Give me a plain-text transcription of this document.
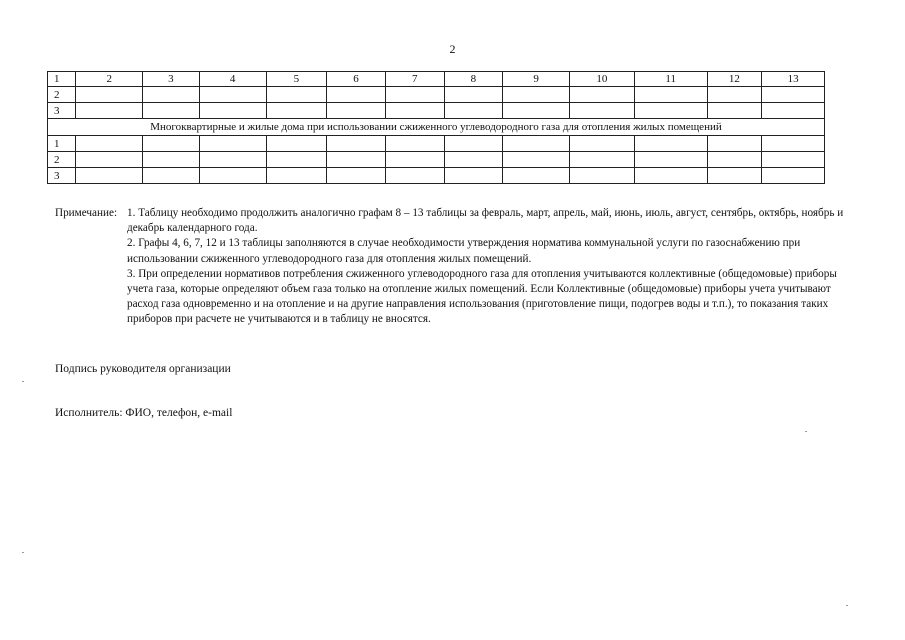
2
1	2	3	4	5	6	7	8	9	10	11	12	13
2												
3												
Многоквартирные и жилые дома при использовании сжиженного углеводородного газа для отопления жилых помещений												
1												
2												
3												
Примечание: 1. Таблицу необходимо продолжить аналогично графам 8 – 13 таблицы за февраль, март, апрель, май, июнь, июль, август, сентябрь, октябрь, ноябрь и декабрь календарного года.

2. Графы 4, 6, 7, 12 и 13 таблицы заполняются в случае необходимости утверждения норматива коммунальной услуги по газоснабжению при использовании сжиженного углеводородного газа для отопления жилых помещений.

3. При определении нормативов потребления сжиженного углеводородного газа для отопления учитываются коллективные (общедомовые) приборы учета газа, которые определяют объем газа только на отопление жилых помещений. Если Коллективные (общедомовые) приборы учета учитывают расход газа одновременно и на отопление и на другие направления использования (приготовление пищи, подогрев воды и т.п.), то показания таких приборов при расчете не учитываются и в таблицу не вносятся.

Подпись руководителя организации
Исполнитель: ФИО, телефон, e-mail
